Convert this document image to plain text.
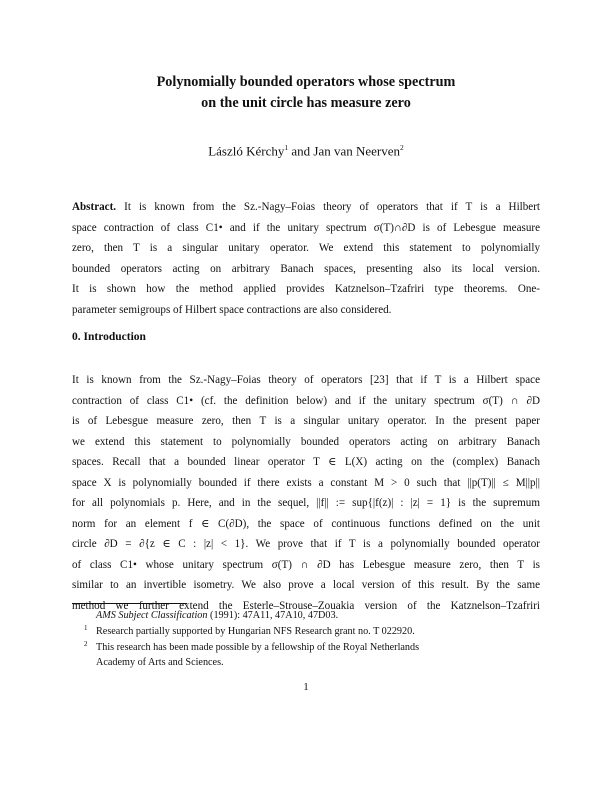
Polynomially bounded operators whose spectrum
on the unit circle has measure zero
László Kérchy$^1$ and Jan van Neerven$^2$
Abstract. It is known from the Sz.-Nagy–Foias theory of operators that if T is a Hilbert
space contraction of class C1• and if the unitary spectrum σ(T)∩∂D is of Lebesgue measure
zero, then T is a singular unitary operator. We extend this statement to polynomially
bounded operators acting on arbitrary Banach spaces, presenting also its local version.
It is shown how the method applied provides Katznelson–Tzafriri type theorems. One-
parameter semigroups of Hilbert space contractions are also considered.
0. Introduction
It is known from the Sz.-Nagy–Foias theory of operators [23] that if T is a Hilbert space
contraction of class C1• (cf. the definition below) and if the unitary spectrum σ(T) ∩ ∂D
is of Lebesgue measure zero, then T is a singular unitary operator. In the present paper
we extend this statement to polynomially bounded operators acting on arbitrary Banach
spaces. Recall that a bounded linear operator T ∈ L(X) acting on the (complex) Banach
space X is polynomially bounded if there exists a constant M > 0 such that ||p(T)|| ≤ M||p||
for all polynomials p. Here, and in the sequel, ||f|| := sup{|f(z)| : |z| = 1} is the supremum
norm for an element f ∈ C(∂D), the space of continuous functions defined on the unit
circle ∂D = ∂{z ∈ C : |z| < 1}. We prove that if T is a polynomially bounded operator
of class C1• whose unitary spectrum σ(T) ∩ ∂D has Lebesgue measure zero, then T is
similar to an invertible isometry. We also prove a local version of this result. By the same
method we further extend the Esterle–Strouse–Zouakia version of the Katznelson–Tzafriri
AMS Subject Classification (1991): 47A11, 47A10, 47D03.
1 Research partially supported by Hungarian NFS Research grant no. T 022920.
2 This research has been made possible by a fellowship of the Royal Netherlands
Academy of Arts and Sciences.
1
